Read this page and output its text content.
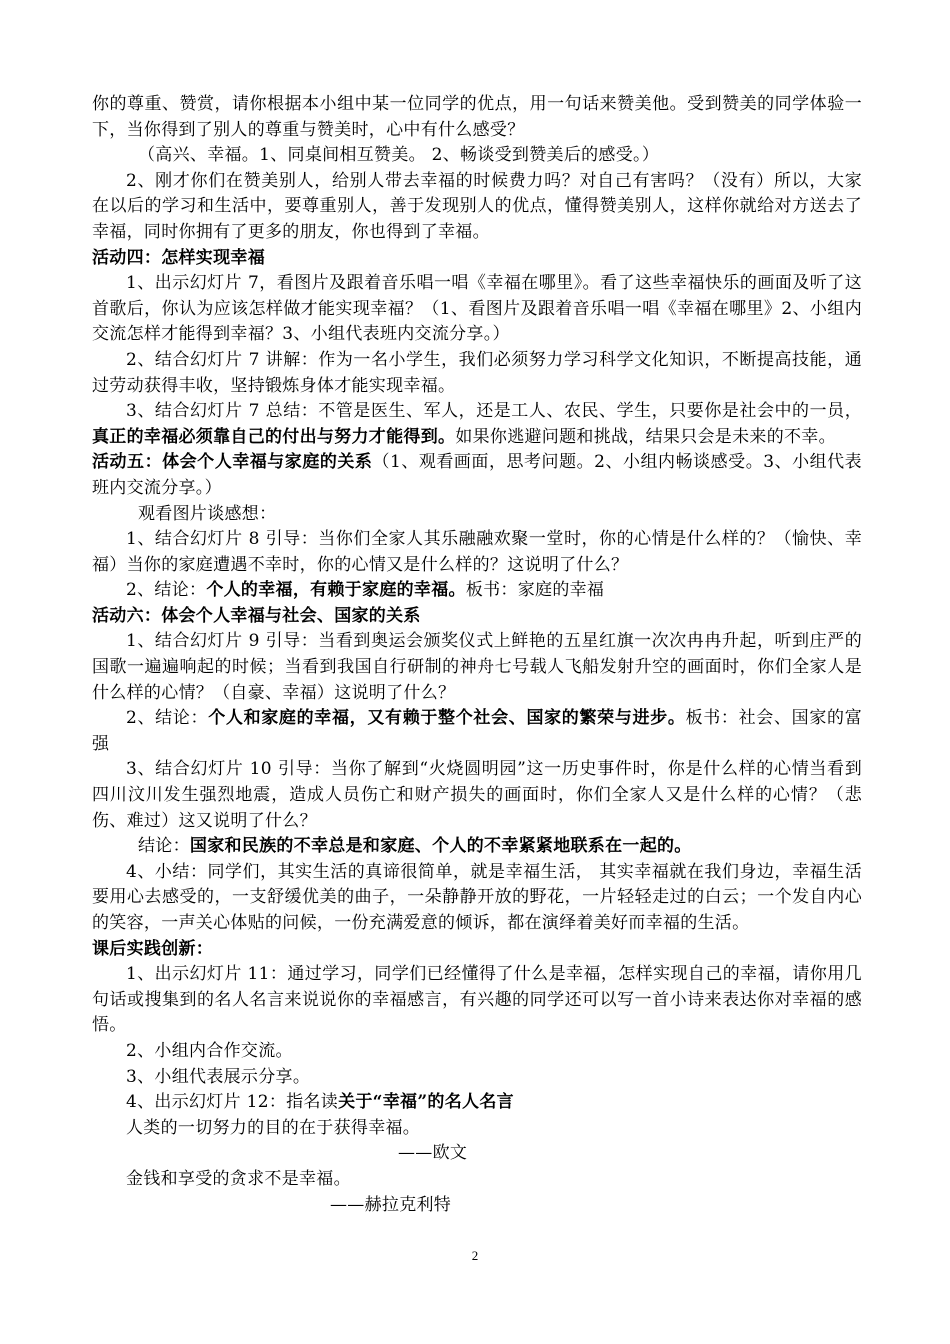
你的尊重、赞赏，请你根据本小组中某一位同学的优点，用一句话来赞美他。受到赞美的同学体验一下，当你得到了别人的尊重与赞美时，心中有什么感受？

（高兴、幸福。1、同桌间相互赞美。 2、畅谈受到赞美后的感受。）

2、刚才你们在赞美别人，给别人带去幸福的时候费力吗？对自己有害吗？（没有）所以，大家在以后的学习和生活中，要尊重别人，善于发现别人的优点，懂得赞美别人，这样你就给对方送去了幸福，同时你拥有了更多的朋友，你也得到了幸福。

活动四：怎样实现幸福

1、出示幻灯片 7，看图片及跟着音乐唱一唱《幸福在哪里》。看了这些幸福快乐的画面及听了这首歌后，你认为应该怎样做才能实现幸福？（1、看图片及跟着音乐唱一唱《幸福在哪里》2、小组内交流怎样才能得到幸福？3、小组代表班内交流分享。）

2、结合幻灯片 7 讲解：作为一名小学生，我们必须努力学习科学文化知识，不断提高技能，通过劳动获得丰收，坚持锻炼身体才能实现幸福。

3、结合幻灯片 7 总结：不管是医生、军人，还是工人、农民、学生，只要你是社会中的一员，真正的幸福必须靠自己的付出与努力才能得到。如果你逃避问题和挑战，结果只会是未来的不幸。

活动五：体会个人幸福与家庭的关系（1、观看画面，思考问题。2、小组内畅谈感受。3、小组代表班内交流分享。）

观看图片谈感想：

1、结合幻灯片 8 引导：当你们全家人其乐融融欢聚一堂时，你的心情是什么样的？（愉快、幸福）当你的家庭遭遇不幸时，你的心情又是什么样的？这说明了什么？

2、结论：个人的幸福，有赖于家庭的幸福。板书：家庭的幸福

活动六：体会个人幸福与社会、国家的关系

1、结合幻灯片 9 引导：当看到奥运会颁奖仪式上鲜艳的五星红旗一次次冉冉升起，听到庄严的国歌一遍遍响起的时候；当看到我国自行研制的神舟七号载人飞船发射升空的画面时，你们全家人是什么样的心情？（自豪、幸福）这说明了什么？

2、结论：个人和家庭的幸福，又有赖于整个社会、国家的繁荣与进步。板书：社会、国家的富强

3、结合幻灯片 10 引导：当你了解到“火烧圆明园”这一历史事件时，你是什么样的心情当看到四川汶川发生强烈地震，造成人员伤亡和财产损失的画面时，你们全家人又是什么样的心情？（悲伤、难过）这又说明了什么？

结论：国家和民族的不幸总是和家庭、个人的不幸紧紧地联系在一起的。

4、小结：同学们，其实生活的真谛很简单，就是幸福生活， 其实幸福就在我们身边，幸福生活要用心去感受的，一支舒缓优美的曲子，一朵静静开放的野花，一片轻轻走过的白云；一个发自内心的笑容，一声关心体贴的问候，一份充满爱意的倾诉，都在演绎着美好而幸福的生活。

课后实践创新：

1、出示幻灯片 11：通过学习，同学们已经懂得了什么是幸福，怎样实现自己的幸福，请你用几句话或搜集到的名人名言来说说你的幸福感言，有兴趣的同学还可以写一首小诗来表达你对幸福的感悟。

2、小组内合作交流。

3、小组代表展示分享。

4、出示幻灯片 12：指名读关于“幸福”的名人名言

人类的一切努力的目的在于获得幸福。

——欧文

金钱和享受的贪求不是幸福。

——赫拉克利特

2
